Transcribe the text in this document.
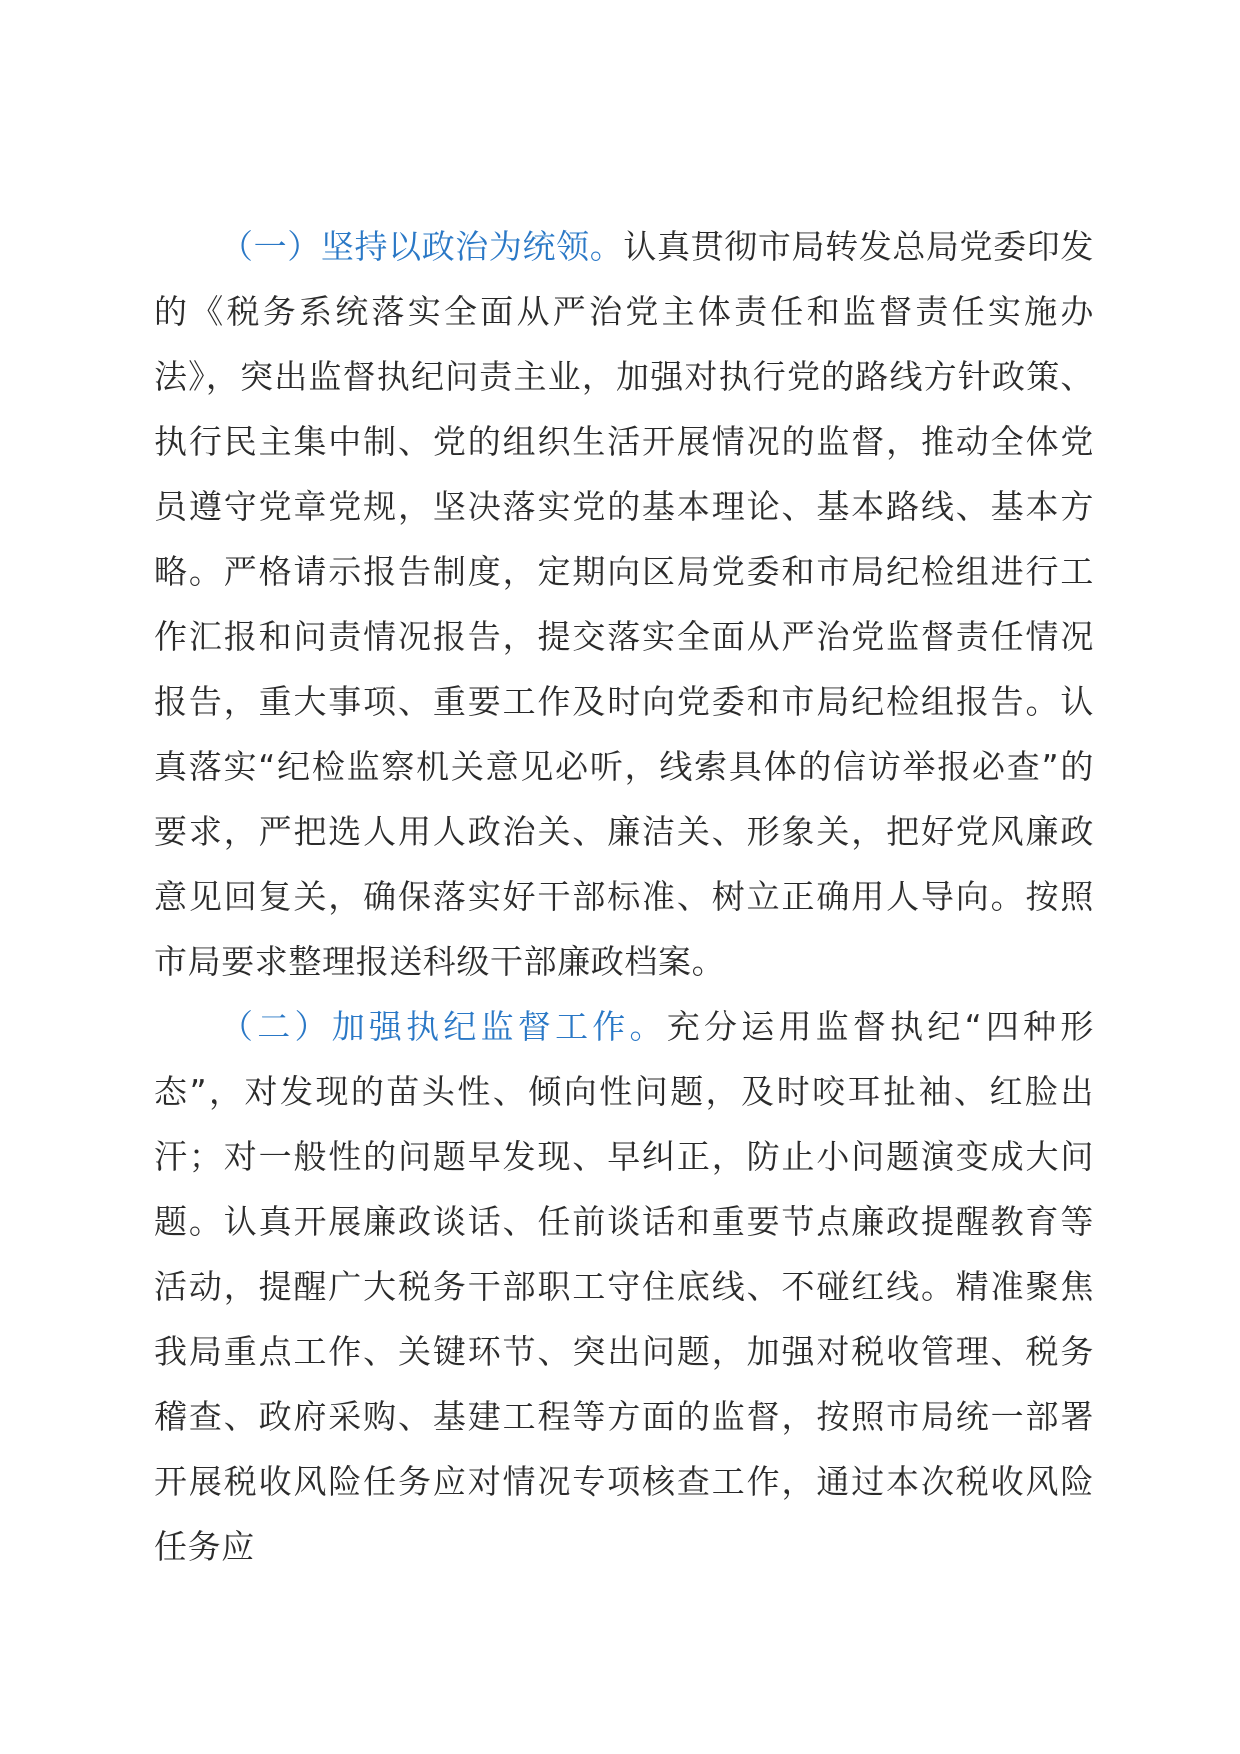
（一）坚持以政治为统领。认真贯彻市局转发总局党委印发的《税务系统落实全面从严治党主体责任和监督责任实施办法》，突出监督执纪问责主业，加强对执行党的路线方针政策、执行民主集中制、党的组织生活开展情况的监督，推动全体党员遵守党章党规，坚决落实党的基本理论、基本路线、基本方略。严格请示报告制度，定期向区局党委和市局纪检组进行工作汇报和问责情况报告，提交落实全面从严治党监督责任情况报告，重大事项、重要工作及时向党委和市局纪检组报告。认真落实“纪检监察机关意见必听，线索具体的信访举报必查”的要求，严把选人用人政治关、廉洁关、形象关，把好党风廉政意见回复关，确保落实好干部标准、树立正确用人导向。按照市局要求整理报送科级干部廉政档案。

（二）加强执纪监督工作。充分运用监督执纪“四种形态”，对发现的苗头性、倾向性问题，及时咬耳扯袖、红脸出汗；对一般性的问题早发现、早纠正，防止小问题演变成大问题。认真开展廉政谈话、任前谈话和重要节点廉政提醒教育等活动，提醒广大税务干部职工守住底线、不碰红线。精准聚焦我局重点工作、关键环节、突出问题，加强对税收管理、税务稽查、政府采购、基建工程等方面的监督，按照市局统一部署开展税收风险任务应对情况专项核查工作，通过本次税收风险任务应
